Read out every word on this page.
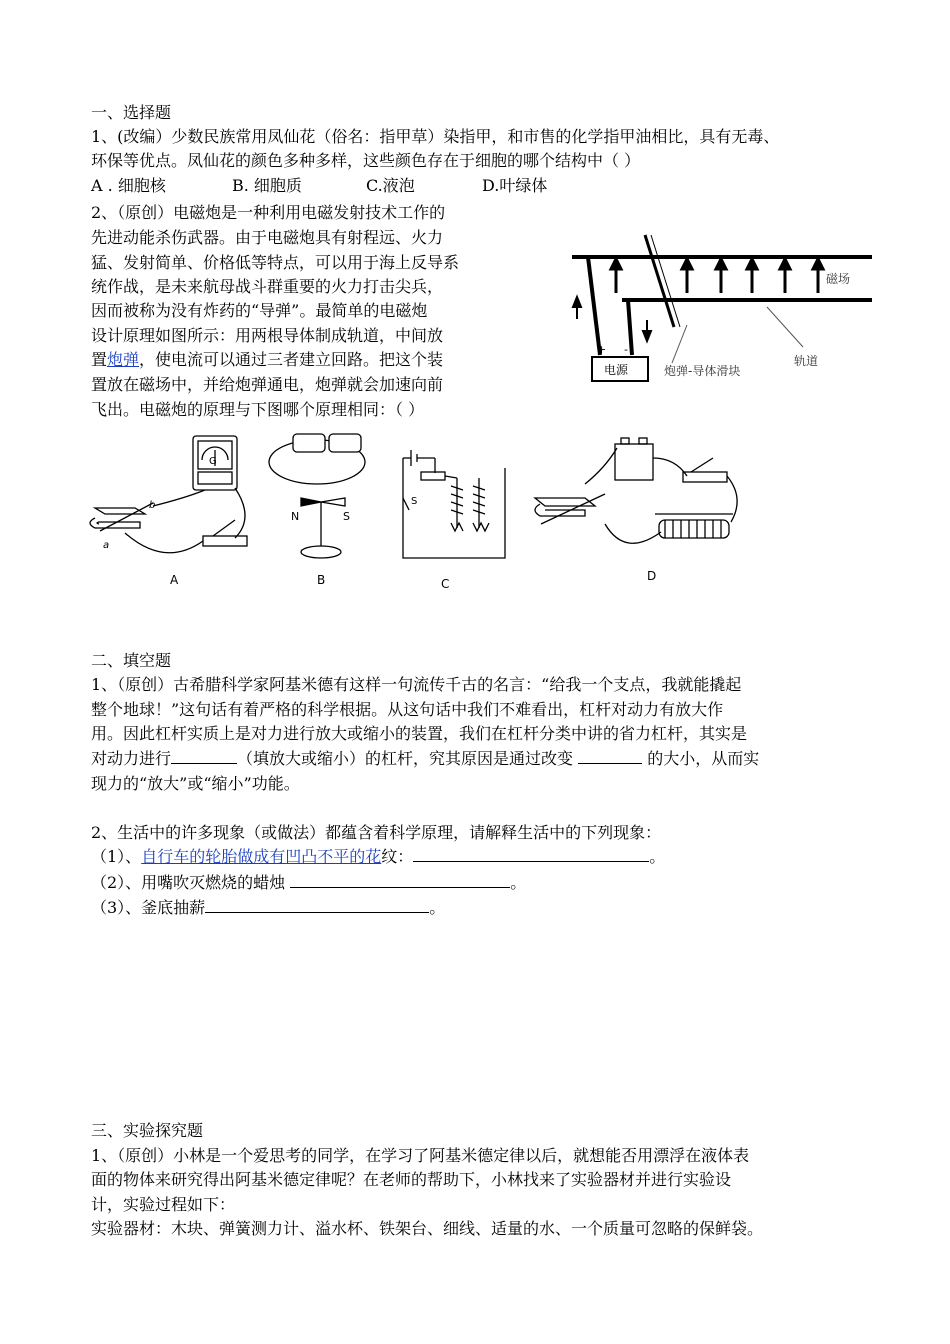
一、选择题
1、(改编）少数民族常用凤仙花（俗名：指甲草）染指甲，和市售的化学指甲油相比，具有无毒、
环保等优点。凤仙花的颜色多种多样，这些颜色存在于细胞的哪个结构中（ ）
A . 细胞核	B. 细胞质	C.液泡	D.叶绿体
2、（原创）电磁炮是一种利用电磁发射技术工作的
先进动能杀伤武器。由于电磁炮具有射程远、火力
猛、发射简单、价格低等特点，可以用于海上反导系
统作战，是未来航母战斗群重要的火力打击尖兵，
因而被称为没有炸药的“导弹”。最简单的电磁炮
设计原理如图所示：用两根导体制成轨道，中间放
置炮弹，使电流可以通过三者建立回路。把这个装
置放在磁场中，并给炮弹通电，炮弹就会加速向前
飞出。电磁炮的原理与下图哪个原理相同：（ ）
+ -
电源	炮弹-导体滑块
轨道
磁场
G
b
a
A
N	S
B
S
C
D
二、填空题
1、（原创）古希腊科学家阿基米德有这样一句流传千古的名言：“给我一个支点，我就能撬起
整个地球！”这句话有着严格的科学根据。从这句话中我们不难看出，杠杆对动力有放大作
用。因此杠杆实质上是对力进行放大或缩小的装置，我们在杠杆分类中讲的省力杠杆，其实是
对动力进行	（填放大或缩小）的杠杆，究其原因是通过改变	的大小，从而实
现力的“放大”或“缩小”功能。
2、生活中的许多现象（或做法）都蕴含着科学原理，请解释生活中的下列现象：
（1）、自行车的轮胎做成有凹凸不平的花纹：	。
（2）、用嘴吹灭燃烧的蜡烛	。
（3）、釜底抽薪	。
三、实验探究题
1、（原创）小林是一个爱思考的同学，在学习了阿基米德定律以后，就想能否用漂浮在液体表
面的物体来研究得出阿基米德定律呢？在老师的帮助下，小林找来了实验器材并进行实验设
计，实验过程如下：
实验器材：木块、弹簧测力计、溢水杯、铁架台、细线、适量的水、一个质量可忽略的保鲜袋。
